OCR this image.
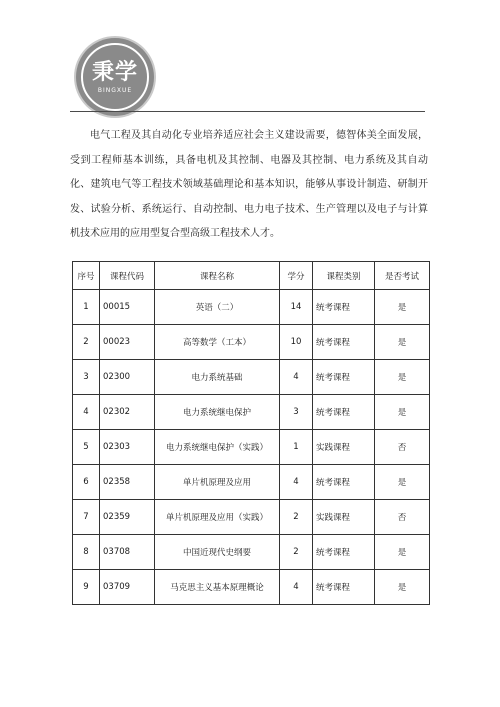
秉学
BINGXUE

电气工程及其自动化专业培养适应社会主义建设需要，德智体美全面发展，受到工程师基本训练，具备电机及其控制、电器及其控制、电力系统及其自动化、建筑电气等工程技术领域基础理论和基本知识，能够从事设计制造、研制开发、试验分析、系统运行、自动控制、电力电子技术、生产管理以及电子与计算机技术应用的应用型复合型高级工程技术人才。

序号	课程代码	课程名称	学分	课程类别	是否考试
1	00015	英语（二）	14	统考课程	是
2	00023	高等数学（工本）	10	统考课程	是
3	02300	电力系统基础	4	统考课程	是
4	02302	电力系统继电保护	3	统考课程	是
5	02303	电力系统继电保护（实践）	1	实践课程	否
6	02358	单片机原理及应用	4	统考课程	是
7	02359	单片机原理及应用（实践）	2	实践课程	否
8	03708	中国近现代史纲要	2	统考课程	是
9	03709	马克思主义基本原理概论	4	统考课程	是
